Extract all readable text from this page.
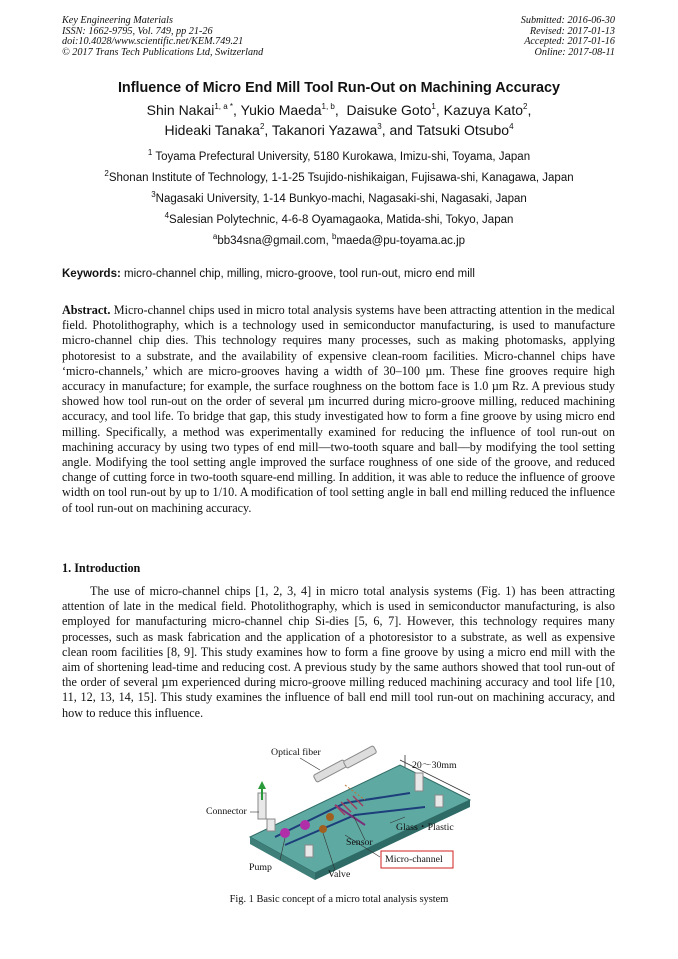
Key Engineering Materials
ISSN: 1662-9795, Vol. 749, pp 21-26
doi:10.4028/www.scientific.net/KEM.749.21
© 2017 Trans Tech Publications Ltd, Switzerland
Submitted: 2016-06-30
Revised: 2017-01-13
Accepted: 2017-01-16
Online: 2017-08-11
Influence of Micro End Mill Tool Run-Out on Machining Accuracy
Shin Nakai$^{1, a *}$, Yukio Maeda$^{1, b}$,  Daisuke Goto$^1$, Kazuya Kato$^2$,
Hideaki Tanaka$^2$, Takanori Yazawa$^3$, and Tatsuki Otsubo$^4$
$^1$ Toyama Prefectural University, 5180 Kurokawa, Imizu-shi, Toyama, Japan
$^2$Shonan Institute of Technology, 1-1-25 Tsujido-nishikaigan, Fujisawa-shi, Kanagawa, Japan
$^3$Nagasaki University, 1-14 Bunkyo-machi, Nagasaki-shi, Nagasaki, Japan
$^4$Salesian Polytechnic, 4-6-8 Oyamagaoka, Matida-shi, Tokyo, Japan
$^a$bb34sna@gmail.com, $^b$maeda@pu-toyama.ac.jp
Keywords: micro-channel chip, milling, micro-groove, tool run-out, micro end mill
Abstract. Micro-channel chips used in micro total analysis systems have been attracting attention in the medical field. Photolithography, which is a technology used in semiconductor manufacturing, is used to manufacture micro-channel chip dies. This technology requires many processes, such as making photomasks, applying photoresist to a substrate, and the availability of expensive clean-room facilities. Micro-channel chips have ‘micro-channels,’ which are micro-grooves having a width of 30–100 µm. These fine grooves require high accuracy in manufacture; for example, the surface roughness on the bottom face is 1.0 µm Rz. A previous study showed how tool run-out on the order of several µm incurred during micro-groove milling, reduced machining accuracy, and tool life. To bridge that gap, this study investigated how to form a fine groove by using micro end milling. Specifically, a method was experimentally examined for reducing the influence of tool run-out on machining accuracy by using two types of end mill—two-tooth square and ball—by modifying the tool setting angle. Modifying the tool setting angle improved the surface roughness of one side of the groove, and reduced change of cutting force in two-tooth square-end milling. In addition, it was able to reduce the influence of groove width on tool run-out by up to 1/10. A modification of tool setting angle in ball end milling reduced the influence of tool run-out on machining accuracy.
1. Introduction
The use of micro-channel chips [1, 2, 3, 4] in micro total analysis systems (Fig. 1) has been attracting attention of late in the medical field. Photolithography, which is used in semiconductor manufacturing, is also employed for manufacturing micro-channel chip Si-dies [5, 6, 7]. However, this technology requires many processes, such as mask fabrication and the application of a photoresistor to a substrate, as well as expensive clean room facilities [8, 9]. This study examines how to form a fine groove by using a micro end mill with the aim of shortening lead-time and reducing cost. A previous study by the same authors showed that tool run-out of the order of several µm experienced during micro-groove milling reduced machining accuracy and tool life [10, 11, 12, 13, 14, 15]. This study examines the influence of ball end mill tool run-out on machining accuracy, and how to reduce this influence.
Optical fiber
20〜30mm
Connector
Glass・Plastic
Sensor
Micro-channel
Pump
Valve
Fig. 1 Basic concept of a micro total analysis system
